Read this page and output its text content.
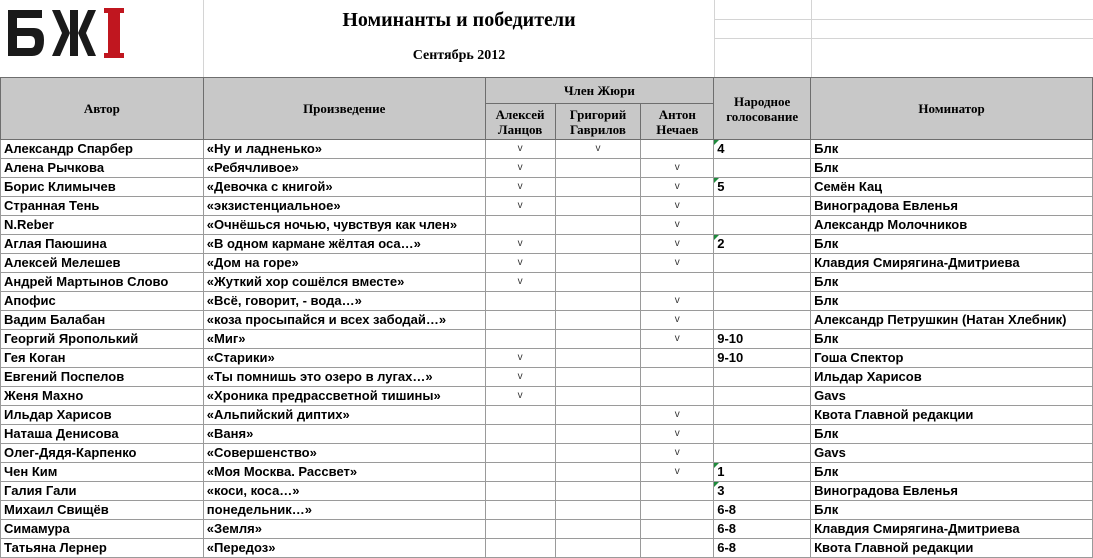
Номинанты и победители
Сентябрь 2012
Автор	Произведение	Член Жюри			Народное голосование	Номинатор
		Алексей Ланцов	Григорий Гаврилов	Антон Нечаев		
Александр Спарбер	«Ну и ладненько»	v	v		4	Блк
Алена Рычкова	«Ребячливое»	v		v		Блк
Борис Климычев	«Девочка с книгой»	v		v	5	Семён Кац
Странная Тень	«экзистенциальное»	v		v		Виноградова Евленья
N.Reber	«Очнёшься ночью, чувствуя как член»			v		Александр Молочников
Аглая Паюшина	«В одном кармане жёлтая оса…»	v		v	2	Блк
Алексей Мелешев	«Дом на горе»	v		v		Клавдия Смирягина-Дмитриева
Андрей Мартынов Слово	«Жуткий хор сошёлся вместе»	v				Блк
Апофис	«Всё, говорит, - вода…»			v		Блк
Вадим Балабан	«коза просыпайся и всех забодай…»			v		Александр Петрушкин (Натан Хлебник)
Георгий Ярополький	«Миг»			v	9-10	Блк
Гея Коган	«Старики»	v			9-10	Гоша Спектор
Евгений Поспелов	«Ты помнишь это озеро в лугах…»	v				Ильдар Харисов
Женя Махно	«Хроника предрассветной тишины»	v				Gavs
Ильдар Харисов	«Альпийский диптих»			v		Квота Главной редакции
Наташа Денисова	«Ваня»			v		Блк
Олег-Дядя-Карпенко	«Совершенство»			v		Gavs
Чен Ким	«Моя Москва. Рассвет»			v	1	Блк
Галия Гали	«коси, коса…»				3	Виноградова Евленья
Михаил Свищёв	понедельник…»				6-8	Блк
Симамура	«Земля»				6-8	Клавдия Смирягина-Дмитриева
Татьяна Лернер	«Передоз»				6-8	Квота Главной редакции
